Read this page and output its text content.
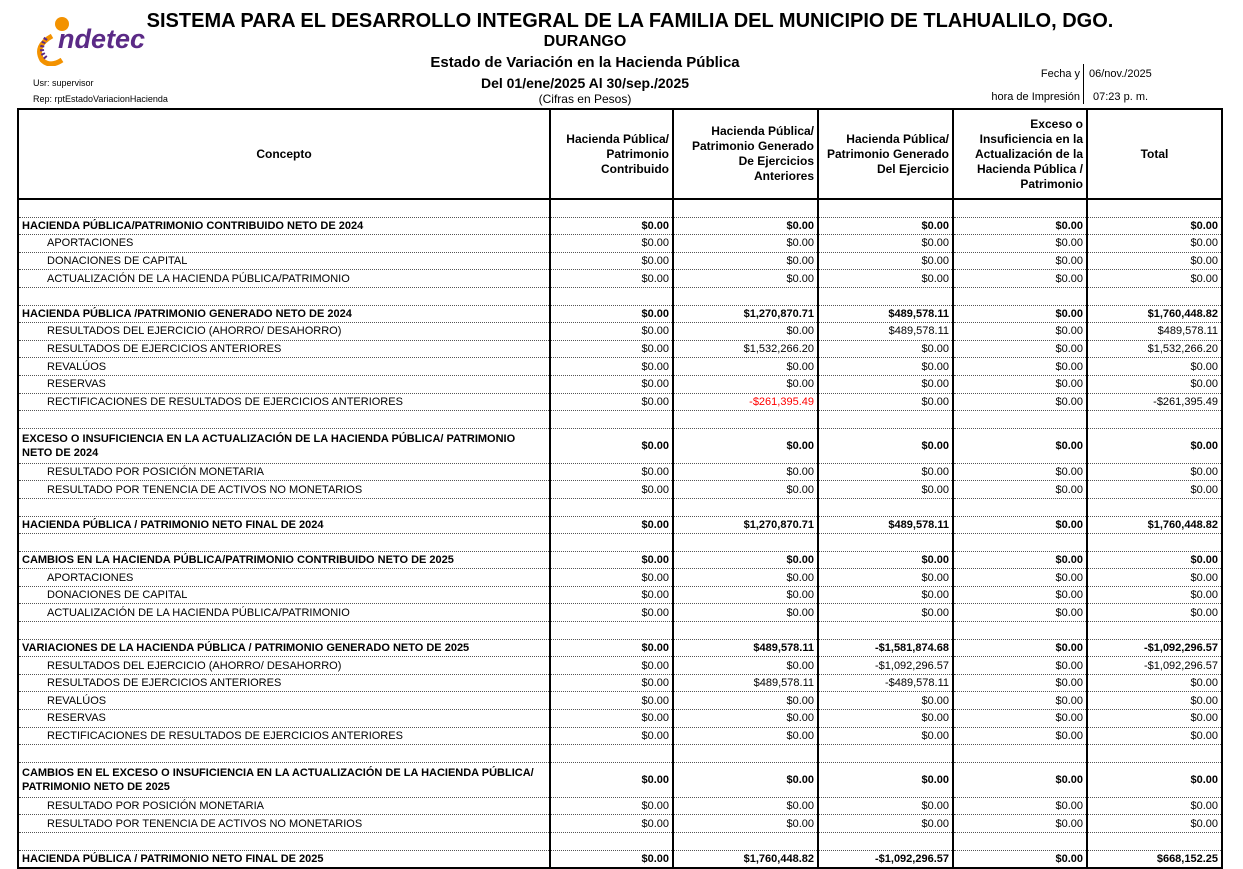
ndetec
SISTEMA PARA EL DESARROLLO INTEGRAL DE LA FAMILIA DEL MUNICIPIO DE TLAHUALILO, DGO.
DURANGO
Estado de Variación en la Hacienda Pública
Del 01/ene/2025 Al 30/sep./2025
(Cifras en Pesos)
Usr: supervisor
Rep: rptEstadoVariacionHacienda
Fecha y
hora de Impresión
06/nov./2025
07:23 p. m.
Concepto	Hacienda Pública/ Patrimonio Contribuido	Hacienda Pública/ Patrimonio Generado De Ejercicios Anteriores	Hacienda Pública/ Patrimonio Generado Del Ejercicio	Exceso o Insuficiencia en la Actualización de la Hacienda Pública / Patrimonio	Total

HACIENDA PÚBLICA/PATRIMONIO CONTRIBUIDO NETO DE 2024	$0.00	$0.00	$0.00	$0.00	$0.00
APORTACIONES	$0.00	$0.00	$0.00	$0.00	$0.00
DONACIONES DE CAPITAL	$0.00	$0.00	$0.00	$0.00	$0.00
ACTUALIZACIÓN DE LA HACIENDA PÚBLICA/PATRIMONIO	$0.00	$0.00	$0.00	$0.00	$0.00

HACIENDA PÚBLICA /PATRIMONIO GENERADO NETO DE 2024	$0.00	$1,270,870.71	$489,578.11	$0.00	$1,760,448.82
RESULTADOS DEL EJERCICIO (AHORRO/ DESAHORRO)	$0.00	$0.00	$489,578.11	$0.00	$489,578.11
RESULTADOS DE EJERCICIOS ANTERIORES	$0.00	$1,532,266.20	$0.00	$0.00	$1,532,266.20
REVALÚOS	$0.00	$0.00	$0.00	$0.00	$0.00
RESERVAS	$0.00	$0.00	$0.00	$0.00	$0.00
RECTIFICACIONES DE RESULTADOS DE EJERCICIOS ANTERIORES	$0.00	-$261,395.49	$0.00	$0.00	-$261,395.49

EXCESO O INSUFICIENCIA EN LA ACTUALIZACIÓN DE LA HACIENDA PÚBLICA/ PATRIMONIO NETO DE 2024	$0.00	$0.00	$0.00	$0.00	$0.00
RESULTADO POR POSICIÓN MONETARIA	$0.00	$0.00	$0.00	$0.00	$0.00
RESULTADO POR TENENCIA DE ACTIVOS NO MONETARIOS	$0.00	$0.00	$0.00	$0.00	$0.00

HACIENDA PÚBLICA / PATRIMONIO NETO FINAL DE 2024	$0.00	$1,270,870.71	$489,578.11	$0.00	$1,760,448.82

CAMBIOS EN LA HACIENDA PÚBLICA/PATRIMONIO CONTRIBUIDO NETO DE 2025	$0.00	$0.00	$0.00	$0.00	$0.00
APORTACIONES	$0.00	$0.00	$0.00	$0.00	$0.00
DONACIONES DE CAPITAL	$0.00	$0.00	$0.00	$0.00	$0.00
ACTUALIZACIÓN DE LA HACIENDA PÚBLICA/PATRIMONIO	$0.00	$0.00	$0.00	$0.00	$0.00

VARIACIONES DE LA HACIENDA PÚBLICA / PATRIMONIO GENERADO NETO DE 2025	$0.00	$489,578.11	-$1,581,874.68	$0.00	-$1,092,296.57
RESULTADOS DEL EJERCICIO (AHORRO/ DESAHORRO)	$0.00	$0.00	-$1,092,296.57	$0.00	-$1,092,296.57
RESULTADOS DE EJERCICIOS ANTERIORES	$0.00	$489,578.11	-$489,578.11	$0.00	$0.00
REVALÚOS	$0.00	$0.00	$0.00	$0.00	$0.00
RESERVAS	$0.00	$0.00	$0.00	$0.00	$0.00
RECTIFICACIONES DE RESULTADOS DE EJERCICIOS ANTERIORES	$0.00	$0.00	$0.00	$0.00	$0.00

CAMBIOS EN EL EXCESO O INSUFICIENCIA EN LA ACTUALIZACIÓN DE LA HACIENDA PÚBLICA/ PATRIMONIO NETO DE 2025	$0.00	$0.00	$0.00	$0.00	$0.00
RESULTADO POR POSICIÓN MONETARIA	$0.00	$0.00	$0.00	$0.00	$0.00
RESULTADO POR TENENCIA DE ACTIVOS NO MONETARIOS	$0.00	$0.00	$0.00	$0.00	$0.00

HACIENDA PÚBLICA / PATRIMONIO NETO FINAL DE 2025	$0.00	$1,760,448.82	-$1,092,296.57	$0.00	$668,152.25
